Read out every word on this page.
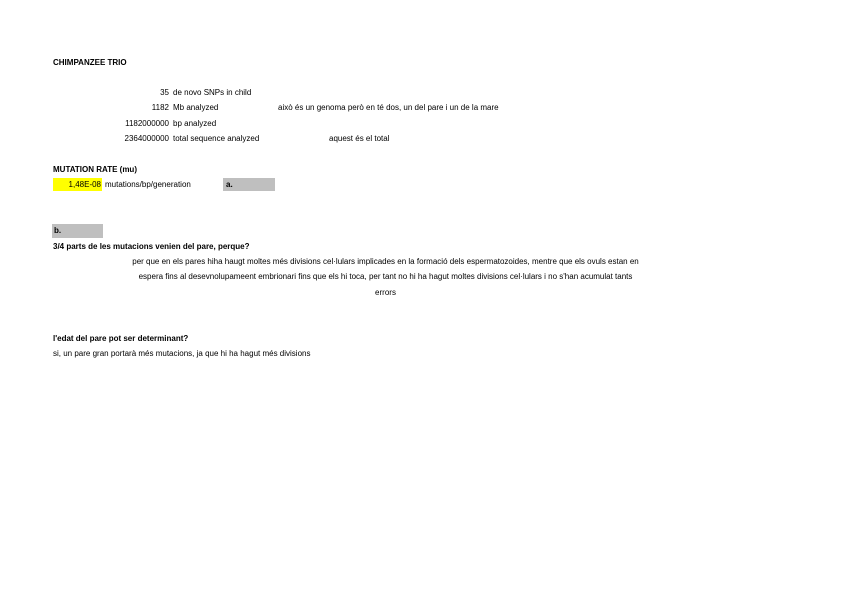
CHIMPANZEE TRIO
35 de novo SNPs in child
1182 Mb analyzed	això és un genoma però en té dos, un del pare i un de la mare
1182000000 bp analyzed
2364000000 total sequence analyzed	aquest és el total
MUTATION RATE (mu)
1,48E-08 mutations/bp/generation	a.
b.
3/4 parts de les mutacions venien del pare, perque?
per que en els pares hiha haugt moltes més divisions cel·lulars implicades en la formació dels espermatozoides, mentre que els ovuls estan en
espera fins al desevnolupameent embrionari fins que els hi toca, per tant no hi ha hagut moltes divisions cel·lulars i no s'han acumulat tants
errors
l'edat del pare pot ser determinant?
si, un pare gran portarà més mutacions, ja que hi ha hagut més divisions
